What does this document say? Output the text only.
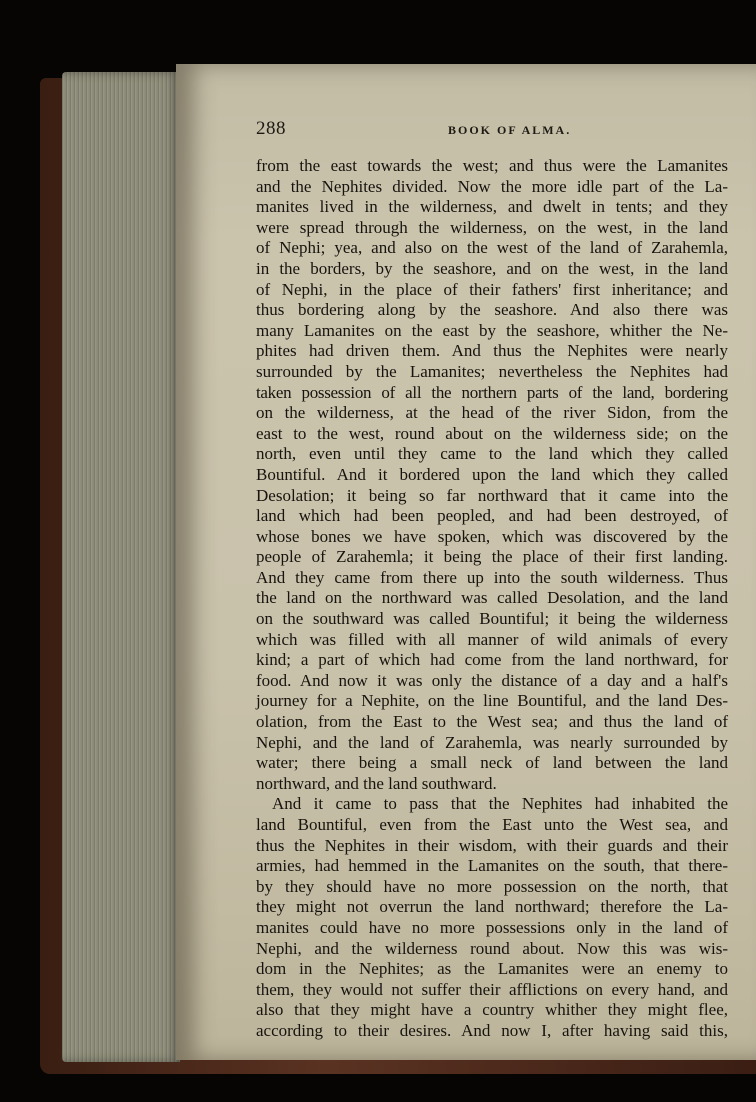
288	BOOK OF ALMA.
from the east towards the west; and thus were the Lamanites
and the Nephites divided. Now the more idle part of the La-
manites lived in the wilderness, and dwelt in tents; and they
were spread through the wilderness, on the west, in the land
of Nephi; yea, and also on the west of the land of Zarahemla,
in the borders, by the seashore, and on the west, in the land
of Nephi, in the place of their fathers' first inheritance; and
thus bordering along by the seashore. And also there was
many Lamanites on the east by the seashore, whither the Ne-
phites had driven them. And thus the Nephites were nearly
surrounded by the Lamanites; nevertheless the Nephites had
taken possession of all the northern parts of the land, bordering
on the wilderness, at the head of the river Sidon, from the
east to the west, round about on the wilderness side; on the
north, even until they came to the land which they called
Bountiful. And it bordered upon the land which they called
Desolation; it being so far northward that it came into the
land which had been peopled, and had been destroyed, of
whose bones we have spoken, which was discovered by the
people of Zarahemla; it being the place of their first landing.
And they came from there up into the south wilderness. Thus
the land on the northward was called Desolation, and the land
on the southward was called Bountiful; it being the wilderness
which was filled with all manner of wild animals of every
kind; a part of which had come from the land northward, for
food. And now it was only the distance of a day and a half's
journey for a Nephite, on the line Bountiful, and the land Des-
olation, from the East to the West sea; and thus the land of
Nephi, and the land of Zarahemla, was nearly surrounded by
water; there being a small neck of land between the land
northward, and the land southward.
And it came to pass that the Nephites had inhabited the
land Bountiful, even from the East unto the West sea, and
thus the Nephites in their wisdom, with their guards and their
armies, had hemmed in the Lamanites on the south, that there-
by they should have no more possession on the north, that
they might not overrun the land northward; therefore the La-
manites could have no more possessions only in the land of
Nephi, and the wilderness round about. Now this was wis-
dom in the Nephites; as the Lamanites were an enemy to
them, they would not suffer their afflictions on every hand, and
also that they might have a country whither they might flee,
according to their desires. And now I, after having said this,
